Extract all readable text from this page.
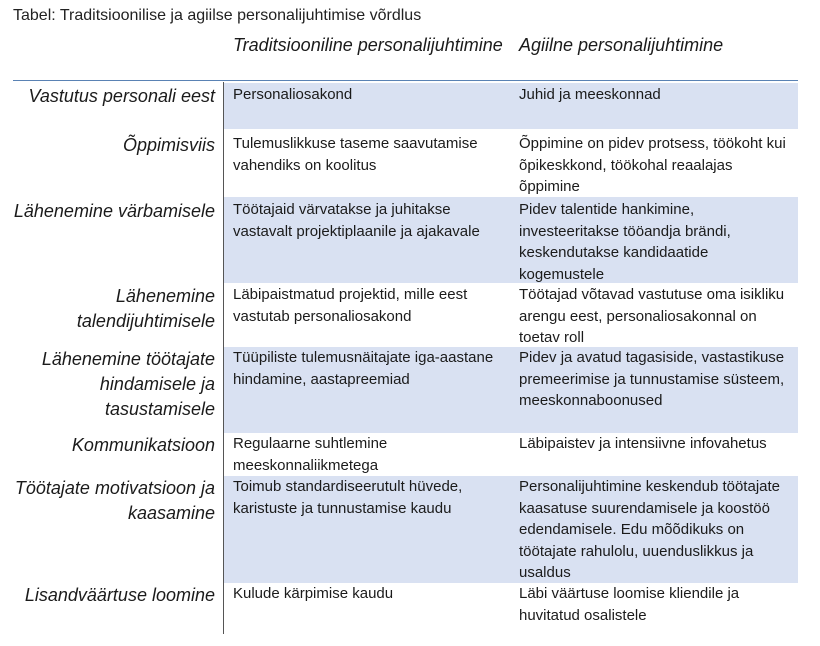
Tabel: Traditsioonilise ja agiilse personalijuhtimise võrdlus
Traditsiooniline personalijuhtimine Agiilne personalijuhtimine
Vastutus personali eest Personaliosakond	Juhid ja meeskonnad
Õppimisviis Tulemuslikkuse taseme saavutamise vahendiks on koolitus
Õppimine on pidev protsess, töökoht kui õpikeskkond, töökohal reaalajas õppimine
Lähenemine värbamisele Töötajaid värvatakse ja juhitakse vastavalt projektiplaanile ja ajakavale
Pidev talentide hankimine, investeeritakse tööandja brändi, keskendutakse kandidaatide kogemustele
Lähenemine talendijuhtimisele
Läbipaistmatud projektid, mille eest vastutab personaliosakond
Töötajad võtavad vastutuse oma isikliku arengu eest, personaliosakonnal on toetav roll
Lähenemine töötajate hindamisele ja tasustamisele
Tüüpiliste tulemusnäitajate iga-aastane hindamine, aastapreemiad
Pidev ja avatud tagasiside, vastastikuse premeerimise ja tunnustamise süsteem, meeskonnaboonused
Kommunikatsioon Regulaarne suhtlemine meeskonnaliikmetega
Läbipaistev ja intensiivne infovahetus
Töötajate motivatsioon ja kaasamine
Toimub standardiseerutult hüvede, karistuste ja tunnustamise kaudu
Personalijuhtimine keskendub töötajate kaasatuse suurendamisele ja koostöö edendamisele. Edu mõõdikuks on töötajate rahulolu, uuenduslikkus ja usaldus
Lisandväärtuse loomine Kulude kärpimise kaudu	Läbi väärtuse loomise kliendile ja huvitatud osalistele
